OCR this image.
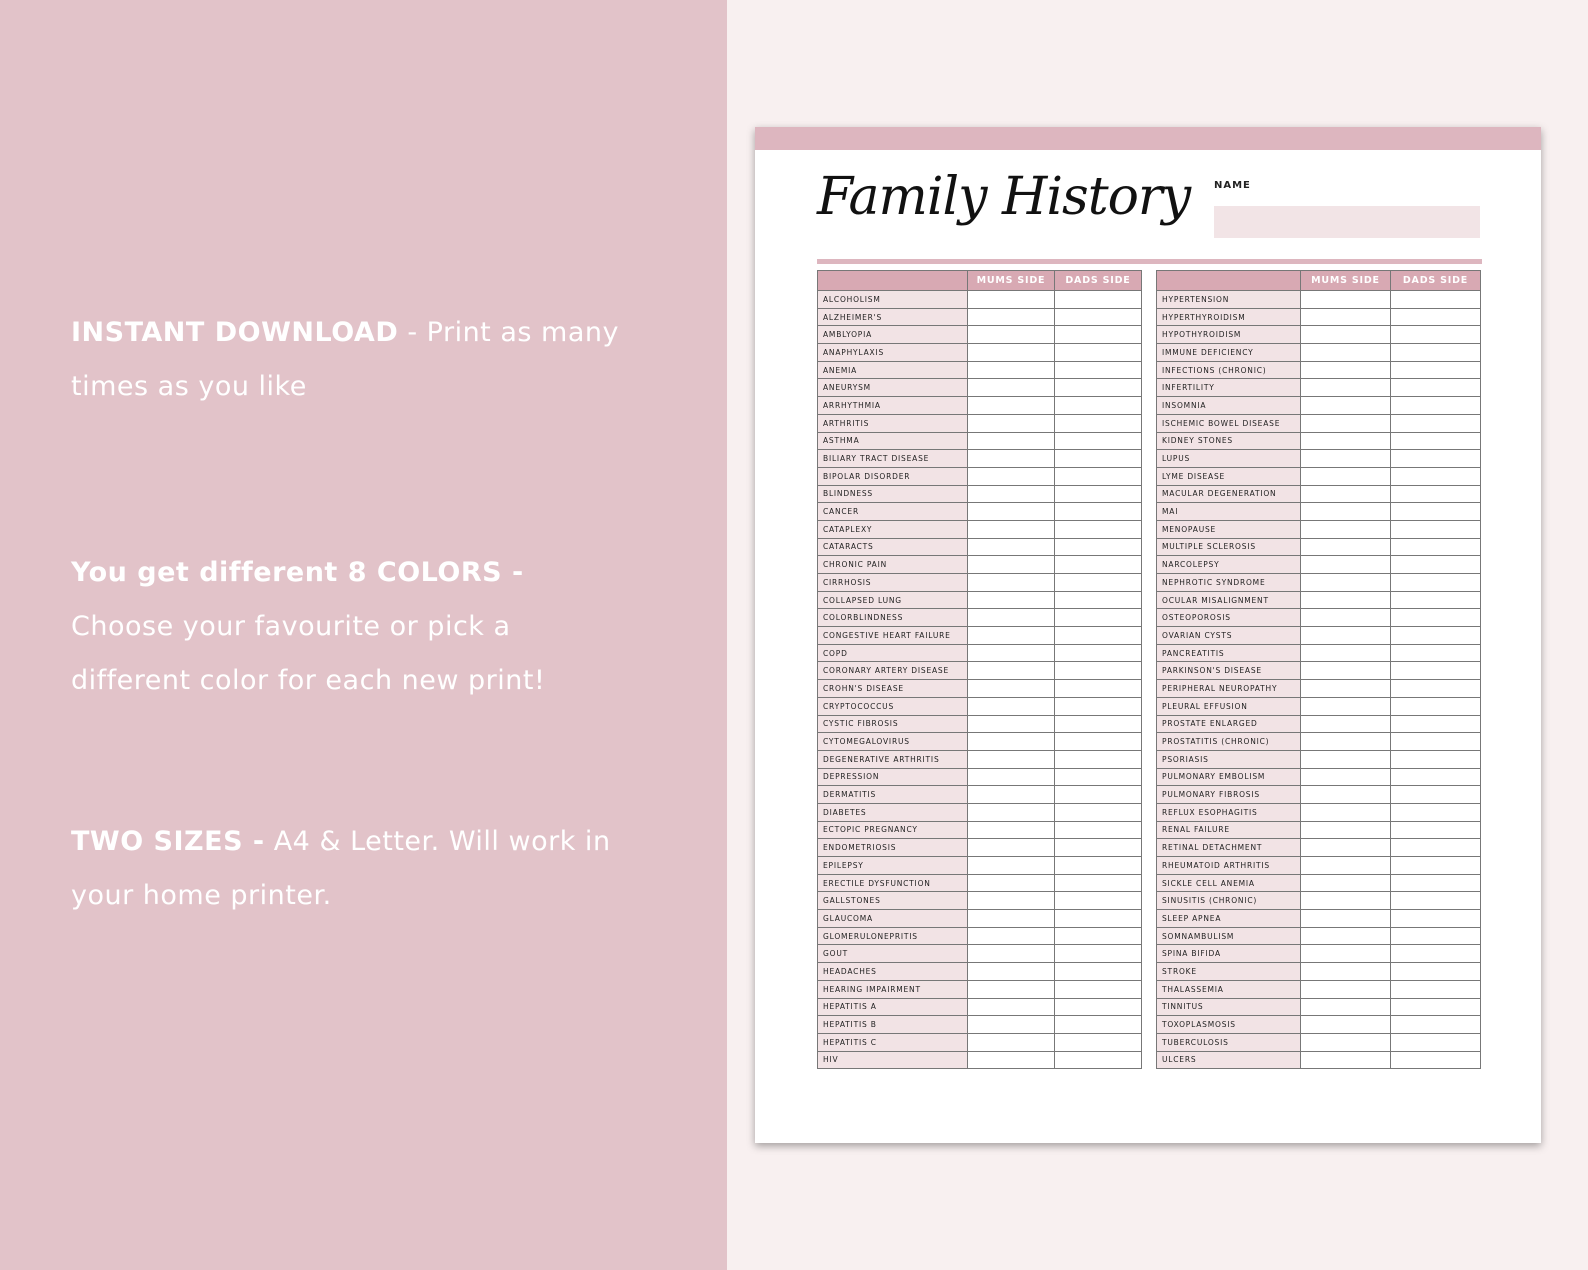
INSTANT DOWNLOAD - Print as many times as you like
You get different 8 COLORS - Choose your favourite or pick a different color for each new print!
TWO SIZES - A4 & Letter. Will work in your home printer.
Family History NAME
	MUMS SIDE	DADS SIDE
ALCOHOLISM		
ALZHEIMER'S		
AMBLYOPIA		
ANAPHYLAXIS		
ANEMIA		
ANEURYSM		
ARRHYTHMIA		
ARTHRITIS		
ASTHMA		
BILIARY TRACT DISEASE		
BIPOLAR DISORDER		
BLINDNESS		
CANCER		
CATAPLEXY		
CATARACTS		
CHRONIC PAIN		
CIRRHOSIS		
COLLAPSED LUNG		
COLORBLINDNESS		
CONGESTIVE HEART FAILURE		
COPD		
CORONARY ARTERY DISEASE		
CROHN'S DISEASE		
CRYPTOCOCCUS		
CYSTIC FIBROSIS		
CYTOMEGALOVIRUS		
DEGENERATIVE ARTHRITIS		
DEPRESSION		
DERMATITIS		
DIABETES		
ECTOPIC PREGNANCY		
ENDOMETRIOSIS		
EPILEPSY		
ERECTILE DYSFUNCTION		
GALLSTONES		
GLAUCOMA		
GLOMERULONEPRITIS		
GOUT		
HEADACHES		
HEARING IMPAIRMENT		
HEPATITIS A		
HEPATITIS B		
HEPATITIS C		
HIV		
	MUMS SIDE	DADS SIDE
HYPERTENSION		
HYPERTHYROIDISM		
HYPOTHYROIDISM		
IMMUNE DEFICIENCY		
INFECTIONS (CHRONIC)		
INFERTILITY		
INSOMNIA		
ISCHEMIC BOWEL DISEASE		
KIDNEY STONES		
LUPUS		
LYME DISEASE		
MACULAR DEGENERATION		
MAI		
MENOPAUSE		
MULTIPLE SCLEROSIS		
NARCOLEPSY		
NEPHROTIC SYNDROME		
OCULAR MISALIGNMENT		
OSTEOPOROSIS		
OVARIAN CYSTS		
PANCREATITIS		
PARKINSON'S DISEASE		
PERIPHERAL NEUROPATHY		
PLEURAL EFFUSION		
PROSTATE ENLARGED		
PROSTATITIS (CHRONIC)		
PSORIASIS		
PULMONARY EMBOLISM		
PULMONARY FIBROSIS		
REFLUX ESOPHAGITIS		
RENAL FAILURE		
RETINAL DETACHMENT		
RHEUMATOID ARTHRITIS		
SICKLE CELL ANEMIA		
SINUSITIS (CHRONIC)		
SLEEP APNEA		
SOMNAMBULISM		
SPINA BIFIDA		
STROKE		
THALASSEMIA		
TINNITUS		
TOXOPLASMOSIS		
TUBERCULOSIS		
ULCERS		
